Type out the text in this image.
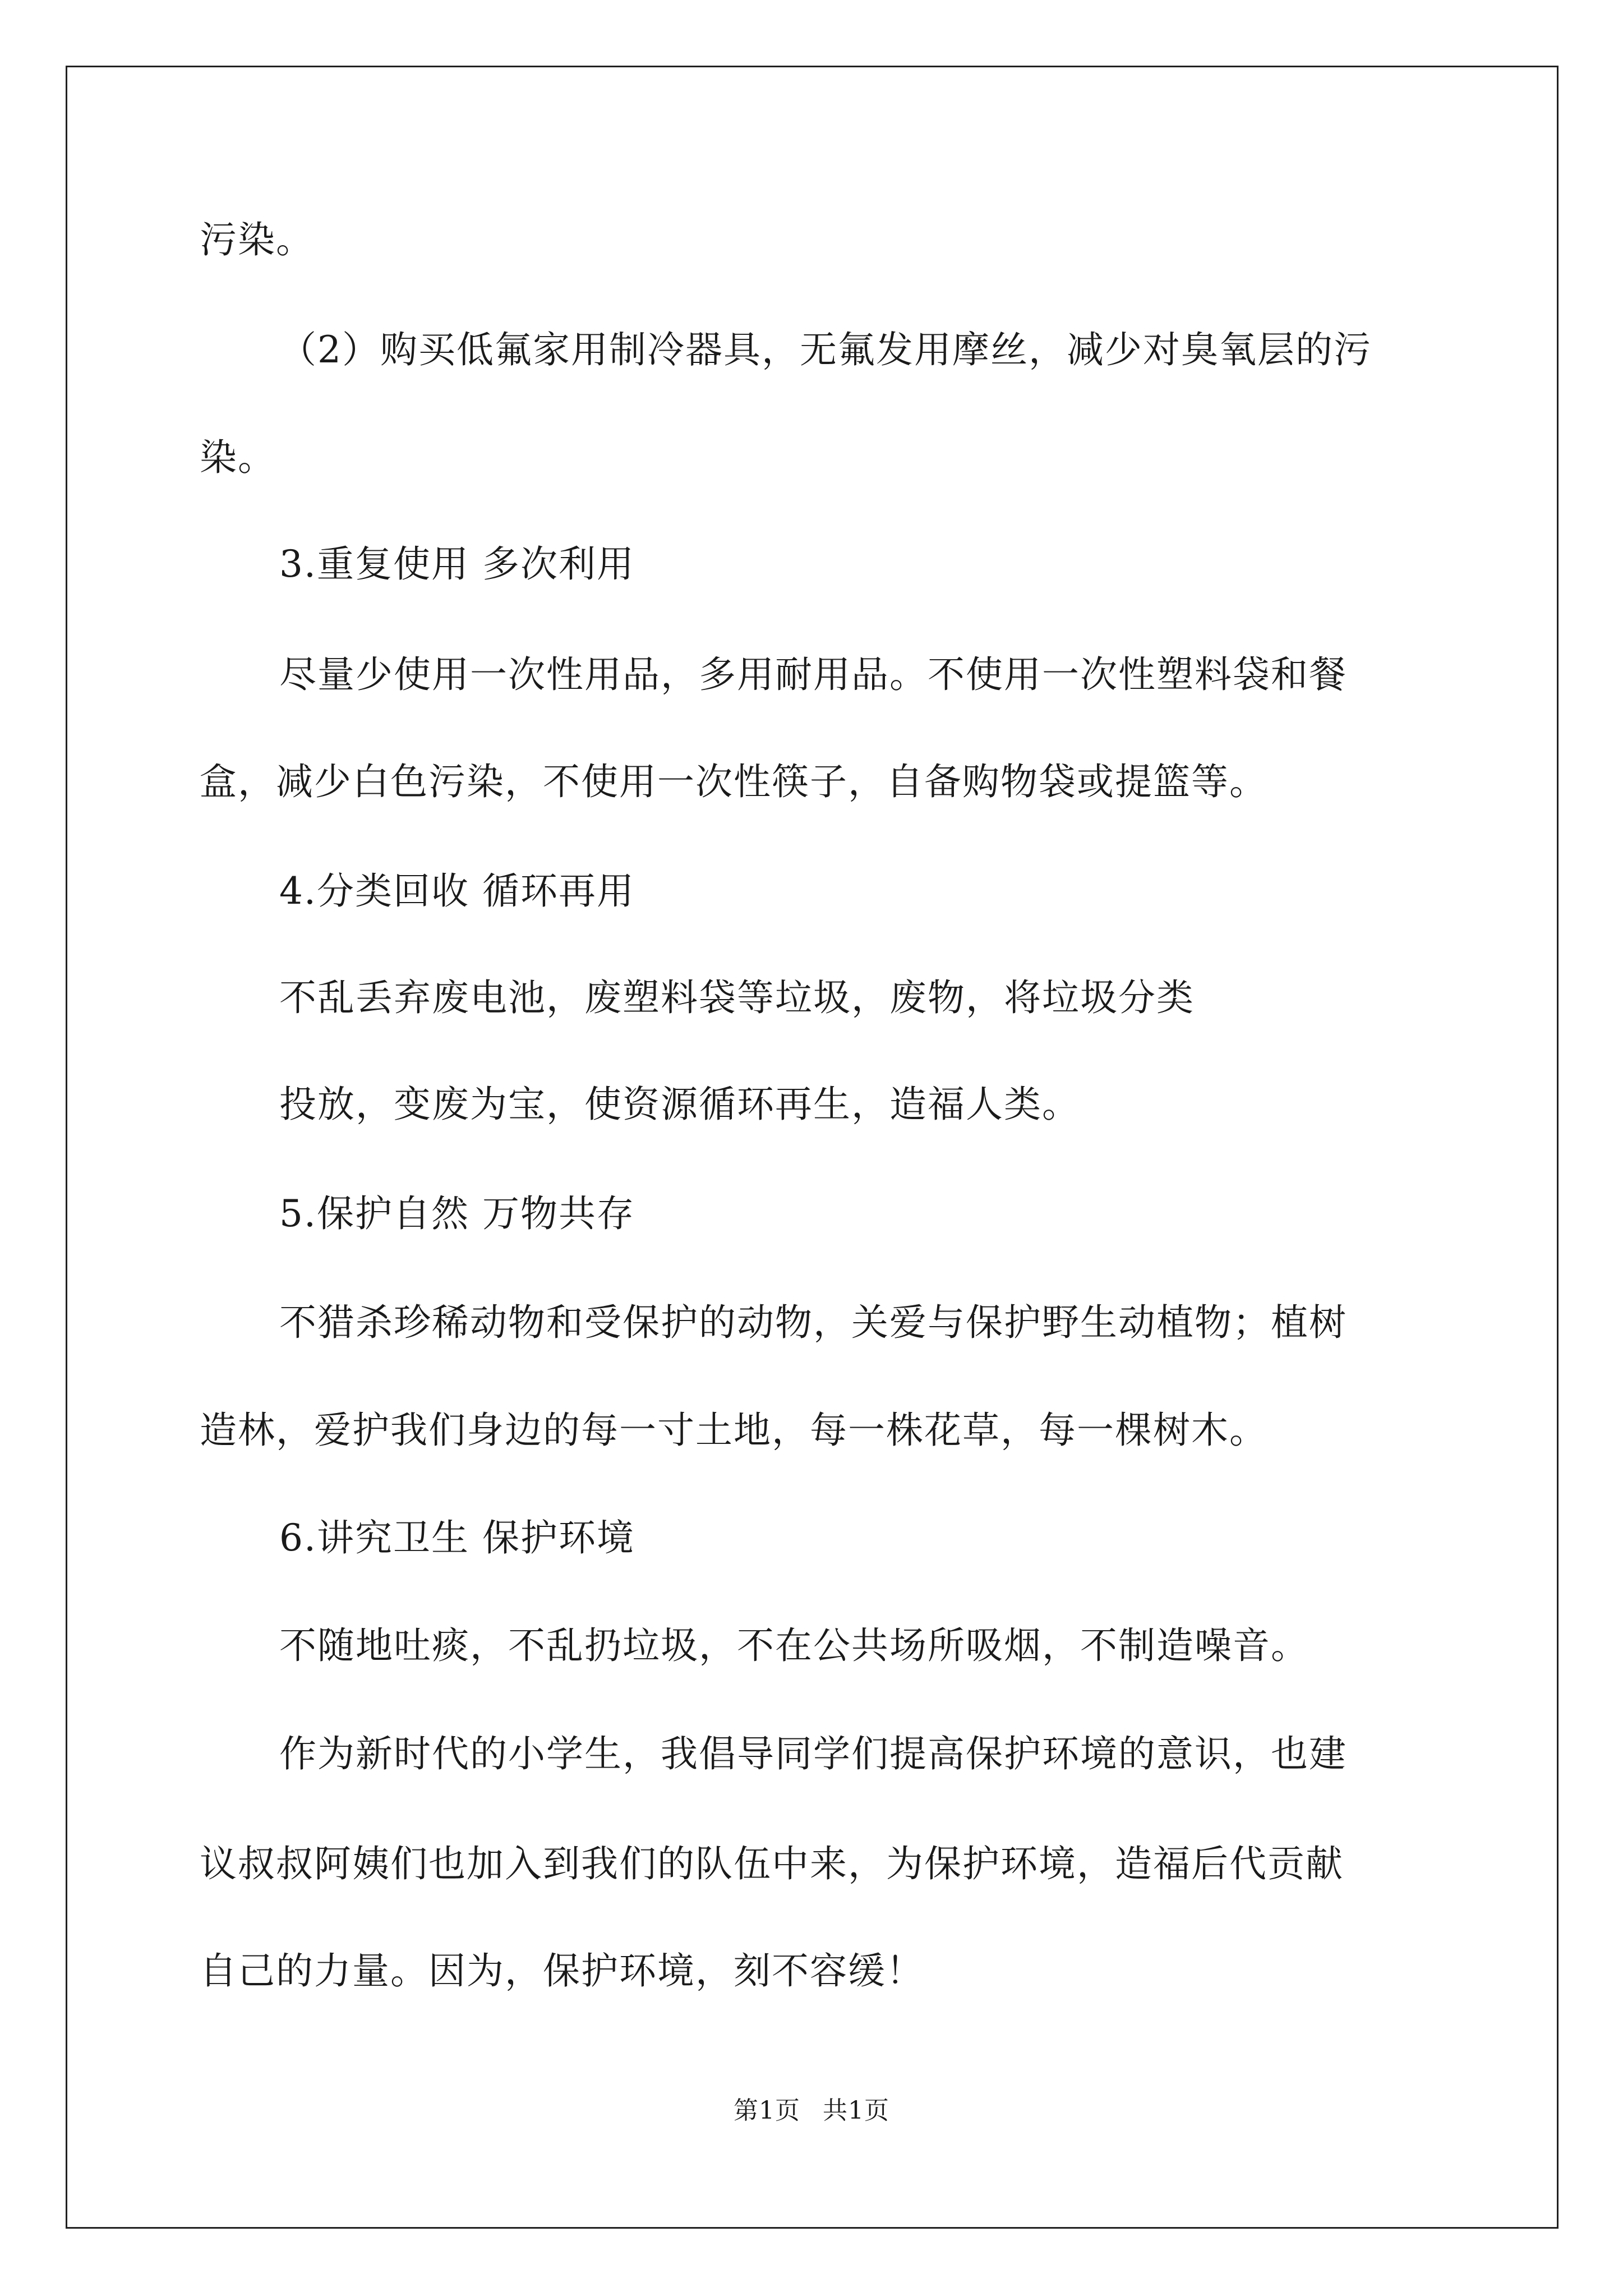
污染。
（2）购买低氟家用制冷器具，无氟发用摩丝，减少对臭氧层的污
染。
3.重复使用 多次利用
尽量少使用一次性用品，多用耐用品。不使用一次性塑料袋和餐
盒，减少白色污染，不使用一次性筷子，自备购物袋或提篮等。
4.分类回收 循环再用
不乱丢弃废电池，废塑料袋等垃圾，废物，将垃圾分类
投放，变废为宝，使资源循环再生，造福人类。
5.保护自然 万物共存
不猎杀珍稀动物和受保护的动物，关爱与保护野生动植物；植树
造林，爱护我们身边的每一寸土地，每一株花草，每一棵树木。
6.讲究卫生 保护环境
不随地吐痰，不乱扔垃圾，不在公共场所吸烟，不制造噪音。
作为新时代的小学生，我倡导同学们提高保护环境的意识，也建
议叔叔阿姨们也加入到我们的队伍中来，为保护环境，造福后代贡献
自己的力量。因为，保护环境，刻不容缓！
第1页 共1页
